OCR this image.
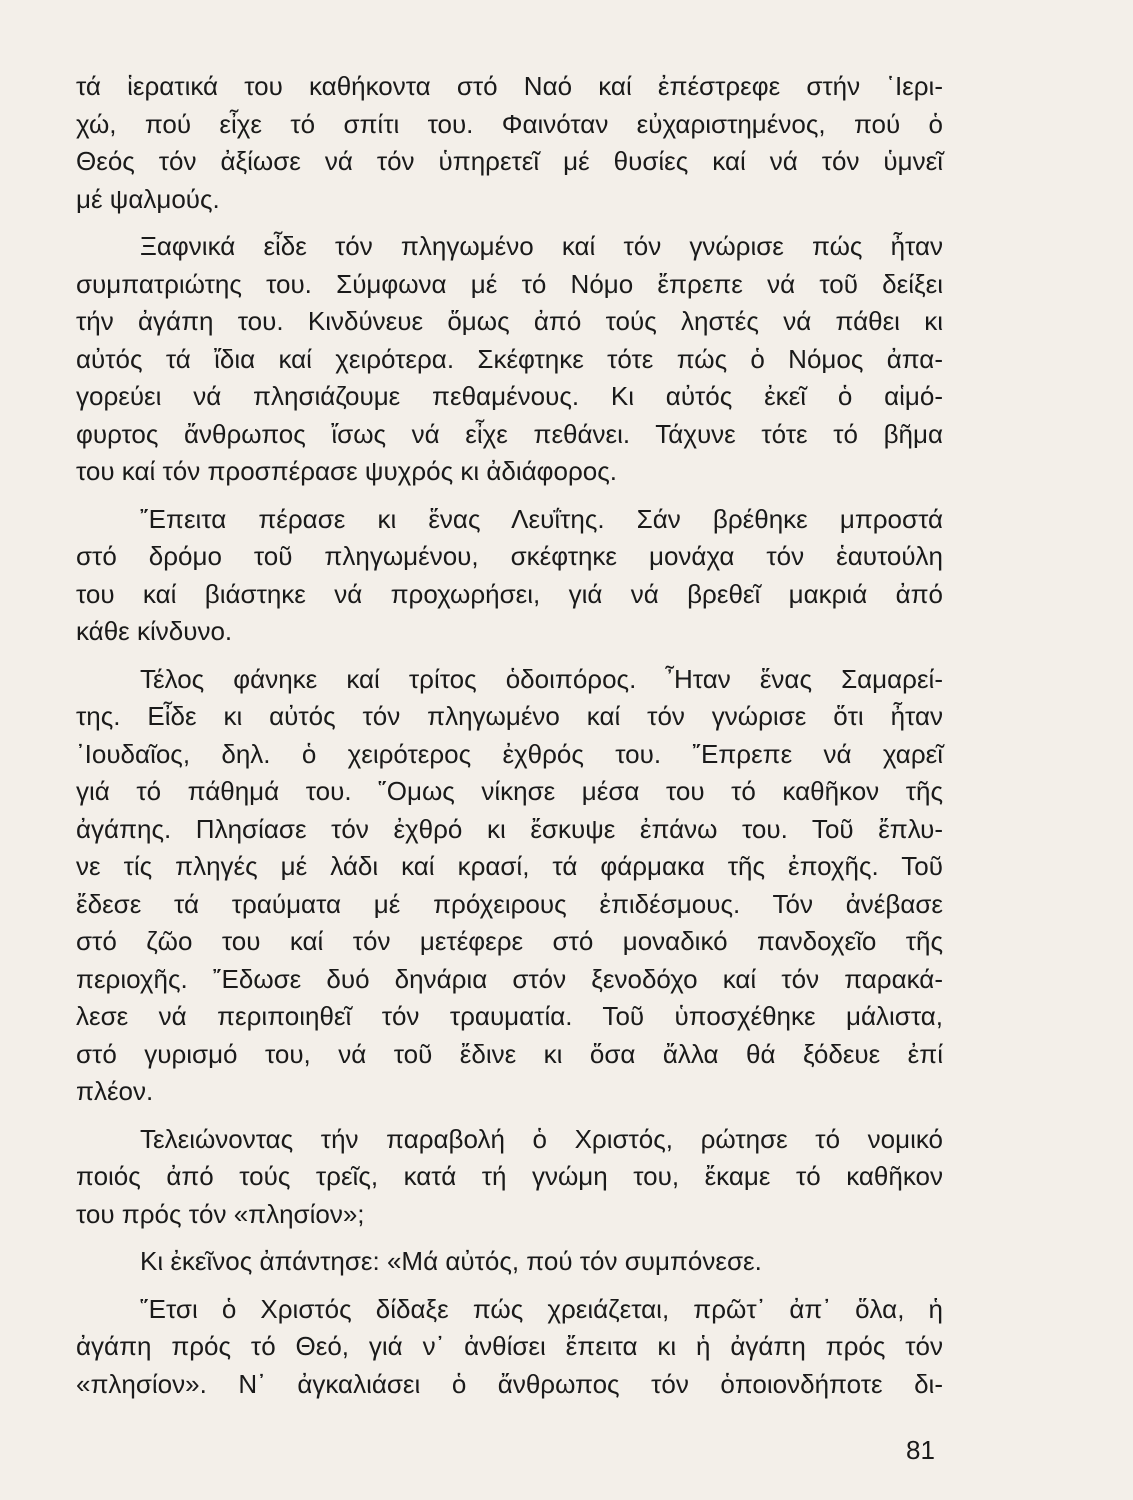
τά ἱερατικά του καθήκοντα στό Ναό καί ἐπέστρεφε στήν ῾Ιερι-
χώ, πού εἶχε τό σπίτι του. Φαινόταν εὐχαριστημένος, πού ὁ
Θεός τόν ἀξίωσε νά τόν ὑπηρετεῖ μέ θυσίες καί νά τόν ὑμνεῖ
μέ ψαλμούς.

Ξαφνικά εἶδε τόν πληγωμένο καί τόν γνώρισε πώς ἦταν
συμπατριώτης του. Σύμφωνα μέ τό Νόμο ἔπρεπε νά τοῦ δείξει
τήν ἀγάπη του. Κινδύνευε ὅμως ἀπό τούς ληστές νά πάθει κι
αὐτός τά ἴδια καί χειρότερα. Σκέφτηκε τότε πώς ὁ Νόμος ἀπα-
γορεύει νά πλησιάζουμε πεθαμένους. Κι αὐτός ἐκεῖ ὁ αἱμό-
φυρτος ἄνθρωπος ἴσως νά εἶχε πεθάνει. Τάχυνε τότε τό βῆμα
του καί τόν προσπέρασε ψυχρός κι ἀδιάφορος.

῎Επειτα πέρασε κι ἕνας Λευΐτης. Σάν βρέθηκε μπροστά
στό δρόμο τοῦ πληγωμένου, σκέφτηκε μονάχα τόν ἑαυτούλη
του καί βιάστηκε νά προχωρήσει, γιά νά βρεθεῖ μακριά ἀπό
κάθε κίνδυνο.

Τέλος φάνηκε καί τρίτος ὁδοιπόρος. ῏Ηταν ἕνας Σαμαρεί-
της. Εἶδε κι αὐτός τόν πληγωμένο καί τόν γνώρισε ὅτι ἦταν
᾿Ιουδαῖος, δηλ. ὁ χειρότερος ἐχθρός του. ῎Επρεπε νά χαρεῖ
γιά τό πάθημά του. ῞Ομως νίκησε μέσα του τό καθῆκον τῆς
ἀγάπης. Πλησίασε τόν ἐχθρό κι ἔσκυψε ἐπάνω του. Τοῦ ἔπλυ-
νε τίς πληγές μέ λάδι καί κρασί, τά φάρμακα τῆς ἐποχῆς. Τοῦ
ἔδεσε τά τραύματα μέ πρόχειρους ἐπιδέσμους. Τόν ἀνέβασε
στό ζῶο του καί τόν μετέφερε στό μοναδικό πανδοχεῖο τῆς
περιοχῆς. ῎Εδωσε δυό δηνάρια στόν ξενοδόχο καί τόν παρακά-
λεσε νά περιποιηθεῖ τόν τραυματία. Τοῦ ὑποσχέθηκε μάλιστα,
στό γυρισμό του, νά τοῦ ἔδινε κι ὅσα ἄλλα θά ξόδευε ἐπί
πλέον.

Τελειώνοντας τήν παραβολή ὁ Χριστός, ρώτησε τό νομικό
ποιός ἀπό τούς τρεῖς, κατά τή γνώμη του, ἔκαμε τό καθῆκον
του πρός τόν «πλησίον»;

Κι ἐκεῖνος ἀπάντησε: «Μά αὐτός, πού τόν συμπόνεσε.

῞Ετσι ὁ Χριστός δίδαξε πώς χρειάζεται, πρῶτ᾿ ἀπ᾿ ὅλα, ἡ
ἀγάπη πρός τό Θεό, γιά ν᾿ ἀνθίσει ἔπειτα κι ἡ ἀγάπη πρός τόν
«πλησίον». Ν᾿ ἀγκαλιάσει ὁ ἄνθρωπος τόν ὁποιονδήποτε δι-

81
